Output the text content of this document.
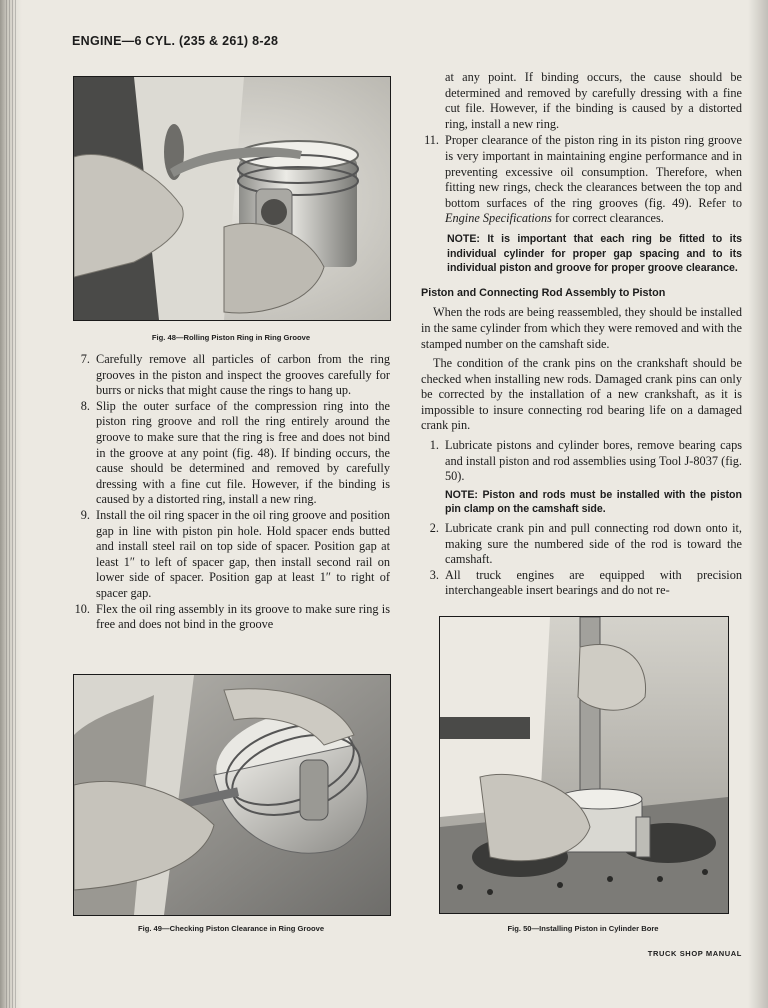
ENGINE—6 CYL. (235 & 261) 8-28
Fig. 48—Rolling Piston Ring in Ring Groove
Fig. 49—Checking Piston Clearance in Ring Groove	Fig. 50—Installing Piston in Cylinder Bore

7. Carefully remove all particles of carbon from the ring grooves in the piston and inspect the grooves carefully for burrs or nicks that might cause the rings to hang up.

8. Slip the outer surface of the compression ring into the piston ring groove and roll the ring entirely around the groove to make sure that the ring is free and does not bind in the groove at any point (fig. 48). If binding occurs, the cause should be determined and removed by carefully dressing with a fine cut file. However, if the binding is caused by a distorted ring, install a new ring.

9. Install the oil ring spacer in the oil ring groove and position gap in line with piston pin hole. Hold spacer ends butted and install steel rail on top side of spacer. Position gap at least 1″ to left of spacer gap, then install second rail on lower side of spacer. Position gap at least 1″ to right of spacer gap.

10. Flex the oil ring assembly in its groove to make sure ring is free and does not bind in the groove

at any point. If binding occurs, the cause should be determined and removed by carefully dressing with a fine cut file. However, if the binding is caused by a distorted ring, install a new ring.

11. Proper clearance of the piston ring in its piston ring groove is very important in maintaining engine performance and in preventing excessive oil consumption. Therefore, when fitting new rings, check the clearances between the top and bottom surfaces of the ring grooves (fig. 49). Refer to Engine Specifications for correct clearances.

NOTE: It is important that each ring be fitted to its individual cylinder for proper gap spacing and to its individual piston and groove for proper groove clearance.

Piston and Connecting Rod Assembly to Piston

When the rods are being reassembled, they should be installed in the same cylinder from which they were removed and with the stamped number on the camshaft side.

The condition of the crank pins on the crankshaft should be checked when installing new rods. Damaged crank pins can only be corrected by the installation of a new crankshaft, as it is impossible to insure connecting rod bearing life on a damaged crank pin.

1. Lubricate pistons and cylinder bores, remove bearing caps and install piston and rod assemblies using Tool J-8037 (fig. 50).

NOTE: Piston and rods must be installed with the piston pin clamp on the camshaft side.

2. Lubricate crank pin and pull connecting rod down onto it, making sure the numbered side of the rod is toward the camshaft.

3. All truck engines are equipped with precision interchangeable insert bearings and do not re-

TRUCK SHOP MANUAL
